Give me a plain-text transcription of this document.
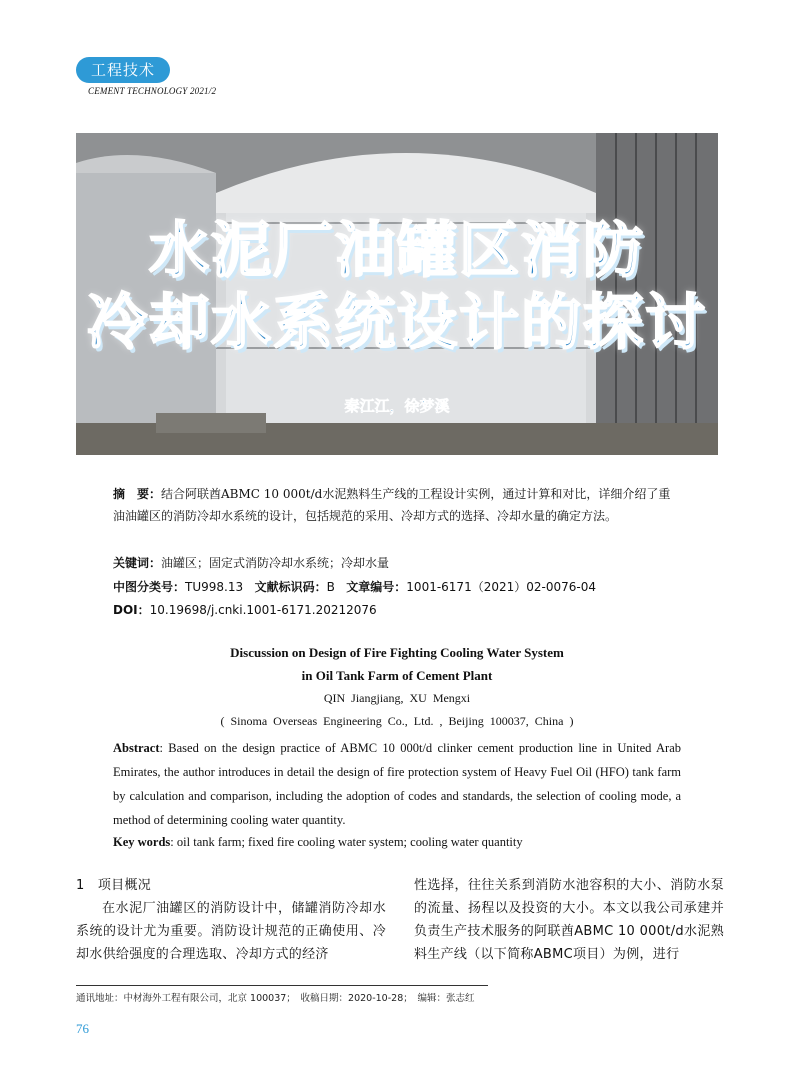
工程技术
CEMENT TECHNOLOGY 2021/2
水泥厂油罐区消防
冷却水系统设计的探讨
秦江江，徐梦溪
摘　要：结合阿联酋ABMC 10 000t/d水泥熟料生产线的工程设计实例，通过计算和对比，详细介绍了重油油罐区的消防冷却水系统的设计，包括规范的采用、冷却方式的选择、冷却水量的确定方法。
关键词：油罐区；固定式消防冷却水系统；冷却水量
中图分类号：TU998.13 文献标识码：B 文章编号：1001-6171（2021）02-0076-04
DOI：10.19698/j.cnki.1001-6171.20212076
Discussion on Design of Fire Fighting Cooling Water System
in Oil Tank Farm of Cement Plant
QIN Jiangjiang, XU Mengxi
( Sinoma Overseas Engineering Co., Ltd. , Beijing 100037, China )
Abstract: Based on the design practice of ABMC 10 000t/d clinker cement production line in United Arab Emirates, the author introduces in detail the design of fire protection system of Heavy Fuel Oil (HFO) tank farm by calculation and comparison, including the adoption of codes and standards, the selection of cooling mode, a method of determining cooling water quantity.
Key words: oil tank farm; fixed fire cooling water system; cooling water quantity
1　项目概况
在水泥厂油罐区的消防设计中，储罐消防冷却水系统的设计尤为重要。消防设计规范的正确使用、冷却水供给强度的合理选取、冷却方式的经济
性选择，往往关系到消防水池容积的大小、消防水泵的流量、扬程以及投资的大小。本文以我公司承建并负责生产技术服务的阿联酋ABMC 10 000t/d水泥熟料生产线（以下简称ABMC项目）为例，进行
通讯地址：中材海外工程有限公司，北京 100037；　收稿日期：2020-10-28；　编辑：张志红
76
